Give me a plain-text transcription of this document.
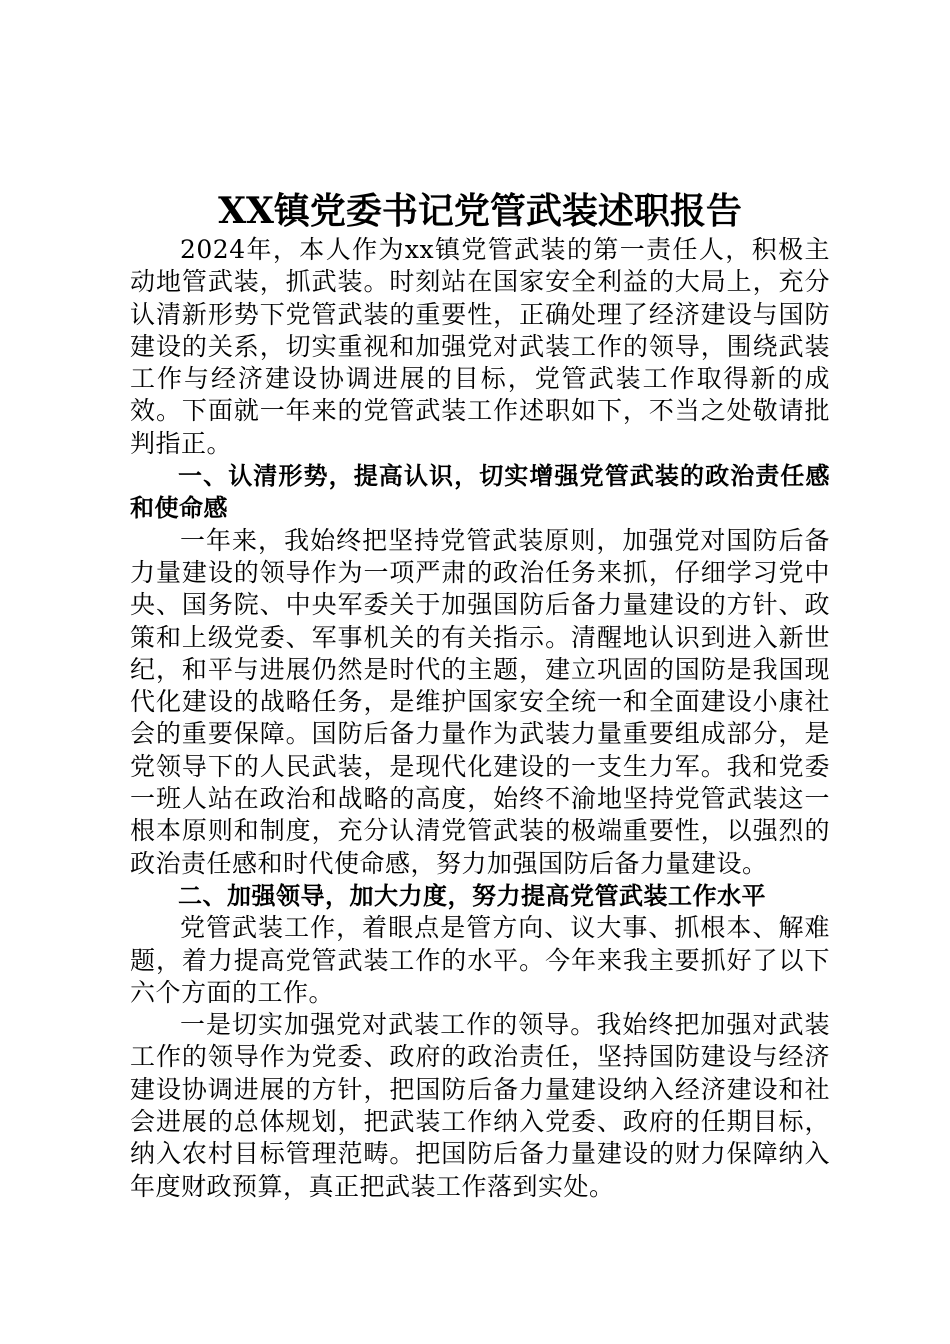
XX镇党委书记党管武装述职报告

2024年，本人作为xx镇党管武装的第一责任人，积极主动地管武装，抓武装。时刻站在国家安全利益的大局上，充分认清新形势下党管武装的重要性，正确处理了经济建设与国防建设的关系，切实重视和加强党对武装工作的领导，围绕武装工作与经济建设协调进展的目标，党管武装工作取得新的成效。下面就一年来的党管武装工作述职如下，不当之处敬请批判指正。

一、认清形势，提高认识，切实增强党管武装的政治责任感和使命感

一年来，我始终把坚持党管武装原则，加强党对国防后备力量建设的领导作为一项严肃的政治任务来抓，仔细学习党中央、国务院、中央军委关于加强国防后备力量建设的方针、政策和上级党委、军事机关的有关指示。清醒地认识到进入新世纪，和平与进展仍然是时代的主题，建立巩固的国防是我国现代化建设的战略任务，是维护国家安全统一和全面建设小康社会的重要保障。国防后备力量作为武装力量重要组成部分，是党领导下的人民武装，是现代化建设的一支生力军。我和党委一班人站在政治和战略的高度，始终不渝地坚持党管武装这一根本原则和制度，充分认清党管武装的极端重要性，以强烈的政治责任感和时代使命感，努力加强国防后备力量建设。

二、加强领导，加大力度，努力提高党管武装工作水平

党管武装工作，着眼点是管方向、议大事、抓根本、解难题，着力提高党管武装工作的水平。今年来我主要抓好了以下六个方面的工作。

一是切实加强党对武装工作的领导。我始终把加强对武装工作的领导作为党委、政府的政治责任，坚持国防建设与经济建设协调进展的方针，把国防后备力量建设纳入经济建设和社会进展的总体规划，把武装工作纳入党委、政府的任期目标，纳入农村目标管理范畴。把国防后备力量建设的财力保障纳入年度财政预算，真正把武装工作落到实处。
